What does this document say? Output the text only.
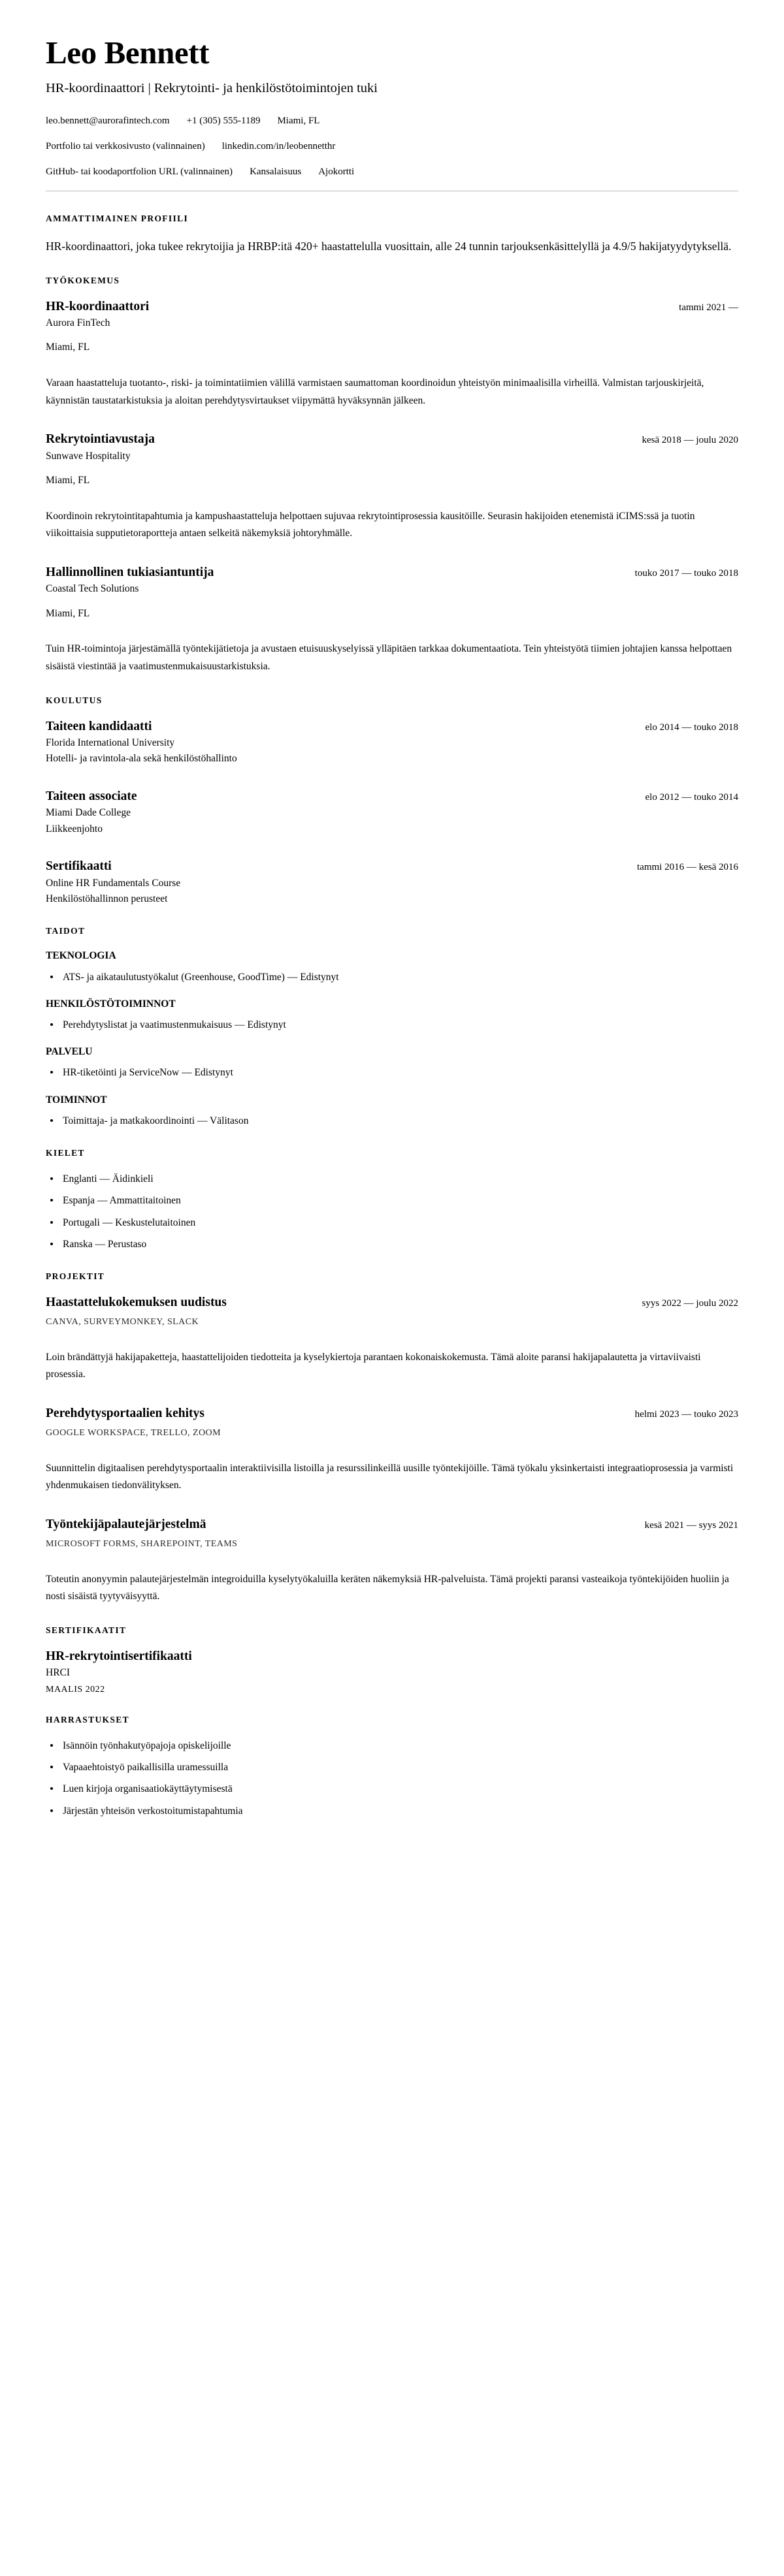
Leo Bennett

HR-koordinaattori | Rekrytointi- ja henkilöstötoimintojen tuki

leo.bennett@aurorafintech.com +1 (305) 555-1189 Miami, FL
Portfolio tai verkkosivusto (valinnainen) linkedin.com/in/leobennetthr
GitHub- tai koodaportfolion URL (valinnainen) Kansalaisuus Ajokortti
AMMATTIMAINEN PROFIILI

HR-koordinaattori, joka tukee rekrytoijia ja HRBP:itä 420+ haastattelulla vuosittain, alle 24 tunnin tarjouksenkäsittelyllä ja 4.9/5 hakijatyydytyksellä.

TYÖKOKEMUS
HR-koordinaattori	tammi 2021 —

Aurora FinTech

Miami, FL

Varaan haastatteluja tuotanto-, riski- ja toimintatiimien välillä varmistaen saumattoman koordinoidun yhteistyön minimaalisilla virheillä. Valmistan tarjouskirjeitä, käynnistän taustatarkistuksia ja aloitan perehdytysvirtaukset viipymättä hyväksynnän jälkeen.

Rekrytointiavustaja	kesä 2018 — joulu 2020

Sunwave Hospitality

Miami, FL

Koordinoin rekrytointitapahtumia ja kampushaastatteluja helpottaen sujuvaa rekrytointiprosessia kausitöille. Seurasin hakijoiden etenemistä iCIMS:ssä ja tuotin viikoittaisia supputietoraportteja antaen selkeitä näkemyksiä johtoryhmälle.

Hallinnollinen tukiasiantuntija	touko 2017 — touko 2018

Coastal Tech Solutions

Miami, FL

Tuin HR-toimintoja järjestämällä työntekijätietoja ja avustaen etuisuuskyselyissä ylläpitäen tarkkaa dokumentaatiota. Tein yhteistyötä tiimien johtajien kanssa helpottaen sisäistä viestintää ja vaatimustenmukaisuustarkistuksia.

KOULUTUS
Taiteen kandidaatti	elo 2014 — touko 2018

Florida International University

Hotelli- ja ravintola-ala sekä henkilöstöhallinto

Taiteen associate	elo 2012 — touko 2014

Miami Dade College

Liikkeenjohto

Sertifikaatti	tammi 2016 — kesä 2016

Online HR Fundamentals Course

Henkilöstöhallinnon perusteet

TAIDOT
TEKNOLOGIA
ATS- ja aikataulutustyökalut (Greenhouse, GoodTime) — Edistynyt
HENKILÖSTÖTOIMINNOT
Perehdytyslistat ja vaatimustenmukaisuus — Edistynyt
PALVELU
HR-tiketöinti ja ServiceNow — Edistynyt
TOIMINNOT
Toimittaja- ja matkakoordinointi — Välitason
KIELET
Englanti — Äidinkieli
Espanja — Ammattitaitoinen
Portugali — Keskustelutaitoinen
Ranska — Perustaso
PROJEKTIT
Haastattelukokemuksen uudistus	syys 2022 — joulu 2022

CANVA, SURVEYMONKEY, SLACK

Loin brändättyjä hakijapaketteja, haastattelijoiden tiedotteita ja kyselykiertoja parantaen kokonaiskokemusta. Tämä aloite paransi hakijapalautetta ja virtaviivaisti prosessia.

Perehdytysportaalien kehitys	helmi 2023 — touko 2023

GOOGLE WORKSPACE, TRELLO, ZOOM

Suunnittelin digitaalisen perehdytysportaalin interaktiivisilla listoilla ja resurssilinkeillä uusille työntekijöille. Tämä työkalu yksinkertaisti integraatioprosessia ja varmisti yhdenmukaisen tiedonvälityksen.

Työntekijäpalautejärjestelmä	kesä 2021 — syys 2021

MICROSOFT FORMS, SHAREPOINT, TEAMS

Toteutin anonyymin palautejärjestelmän integroiduilla kyselytyökaluilla keräten näkemyksiä HR-palveluista. Tämä projekti paransi vasteaikoja työntekijöiden huoliin ja nosti sisäistä tyytyväisyyttä.

SERTIFIKAATIT
HR-rekrytointisertifikaatti

HRCI

MAALIS 2022

HARRASTUKSET
Isännöin työnhakutyöpajoja opiskelijoille
Vapaaehtoistyö paikallisilla uramessuilla
Luen kirjoja organisaatiokäyttäytymisestä
Järjestän yhteisön verkostoitumistapahtumia
